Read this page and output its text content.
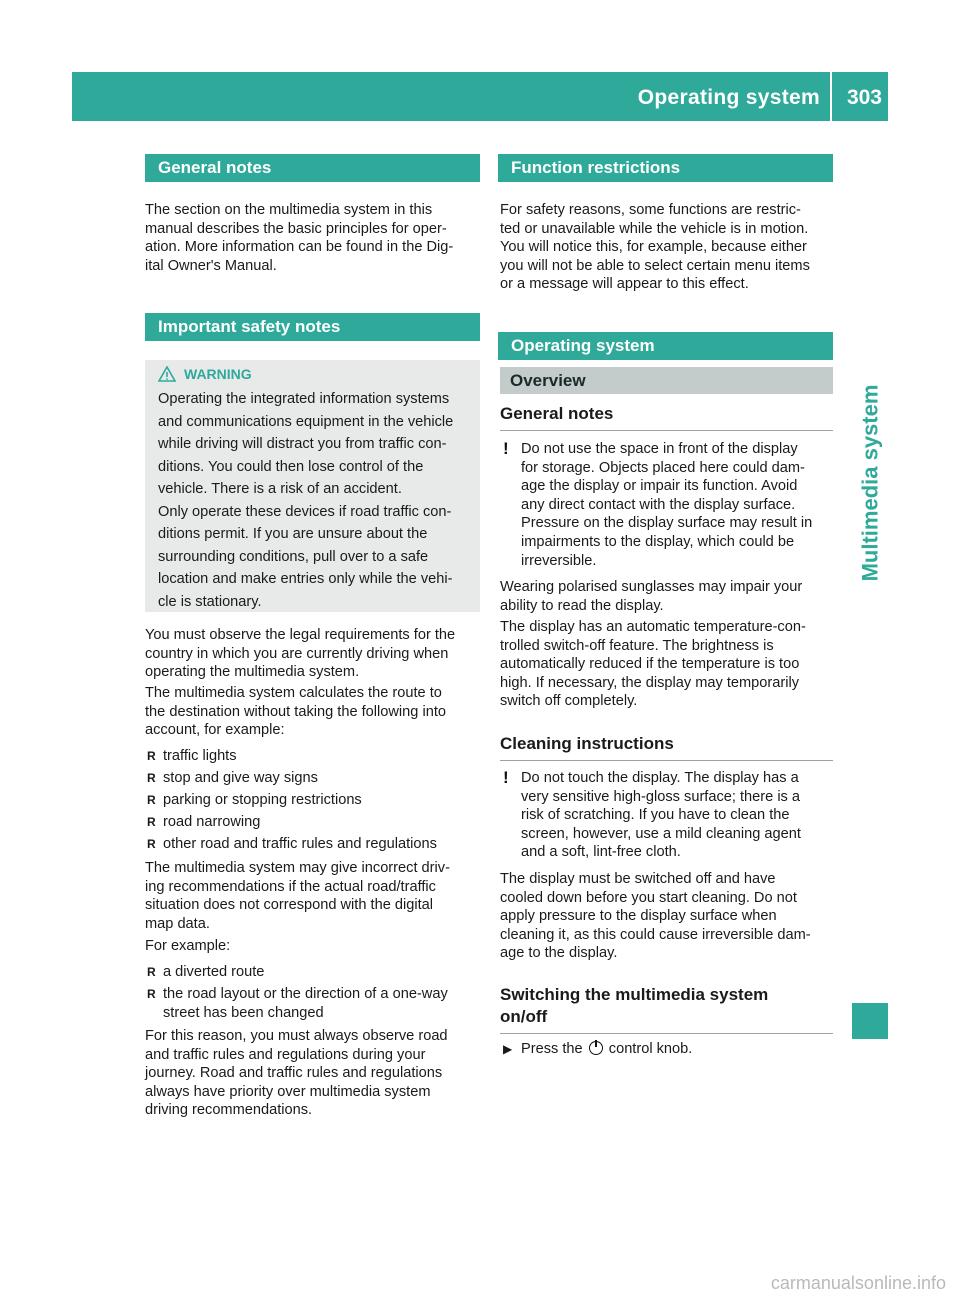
Operating system 303
Multimedia system
General notes
The section on the multimedia system in this
manual describes the basic principles for oper-
ation. More information can be found in the Dig-
ital Owner's Manual.
Important safety notes
WARNING

Operating the integrated information systems
and communications equipment in the vehicle
while driving will distract you from traffic con-
ditions. You could then lose control of the
vehicle. There is a risk of an accident.
Only operate these devices if road traffic con-
ditions permit. If you are unsure about the
surrounding conditions, pull over to a safe
location and make entries only while the vehi-
cle is stationary.

You must observe the legal requirements for the
country in which you are currently driving when
operating the multimedia system.
The multimedia system calculates the route to
the destination without taking the following into
account, for example:
R traffic lights
R stop and give way signs
R parking or stopping restrictions
R road narrowing
R other road and traffic rules and regulations
The multimedia system may give incorrect driv-
ing recommendations if the actual road/traffic
situation does not correspond with the digital
map data.
For example:
R a diverted route
R the road layout or the direction of a one-way street has been changed
For this reason, you must always observe road
and traffic rules and regulations during your
journey. Road and traffic rules and regulations
always have priority over multimedia system
driving recommendations.
Function restrictions
For safety reasons, some functions are restric-
ted or unavailable while the vehicle is in motion.
You will notice this, for example, because either
you will not be able to select certain menu items
or a message will appear to this effect.
Operating system
Overview
General notes
! Do not use the space in front of the display
for storage. Objects placed here could dam-
age the display or impair its function. Avoid
any direct contact with the display surface.
Pressure on the display surface may result in
impairments to the display, which could be
irreversible.
Wearing polarised sunglasses may impair your
ability to read the display.
The display has an automatic temperature-con-
trolled switch-off feature. The brightness is
automatically reduced if the temperature is too
high. If necessary, the display may temporarily
switch off completely.
Cleaning instructions
! Do not touch the display. The display has a
very sensitive high-gloss surface; there is a
risk of scratching. If you have to clean the
screen, however, use a mild cleaning agent
and a soft, lint-free cloth.
The display must be switched off and have
cooled down before you start cleaning. Do not
apply pressure to the display surface when
cleaning it, as this could cause irreversible dam-
age to the display.
Switching the multimedia system
on/off
▶ Press the control knob.
carmanualsonline.info
